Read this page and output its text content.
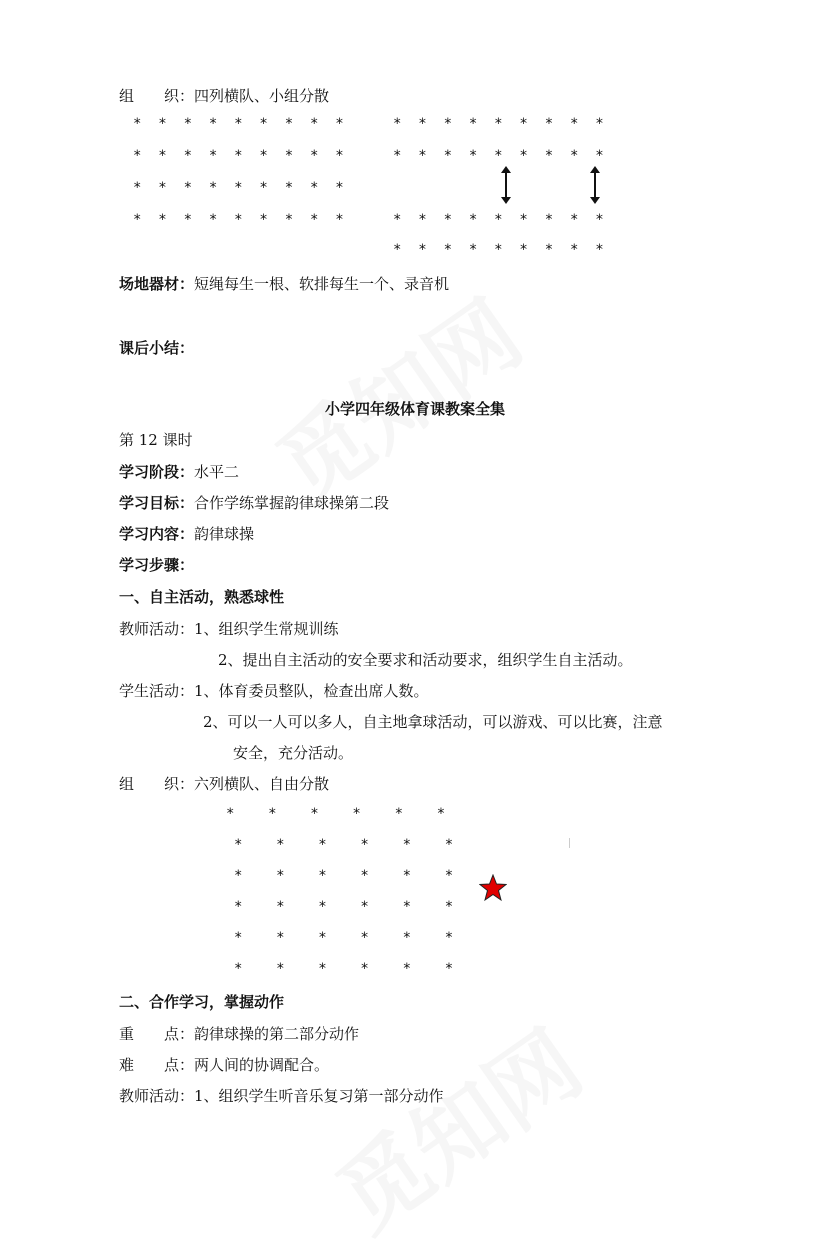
组　　织：四列横队、小组分散
*  *  *  *  *  *  *  *  *
*  *  *  *  *  *  *  *  *
*  *  *  *  *  *  *  *  *
*  *  *  *  *  *  *  *  *
*  *  *  *  *  *  *  *  *
*  *  *  *  *  *  *  *  *
*  *  *  *  *  *  *  *  *
*  *  *  *  *  *  *  *  *
场地器材：短绳每生一根、软排每生一个、录音机
课后小结：
小学四年级体育课教案全集
第 12 课时
学习阶段：水平二
学习目标：合作学练掌握韵律球操第二段
学习内容：韵律球操
学习步骤：
一、自主活动，熟悉球性
教师活动：1、组织学生常规训练
2、提出自主活动的安全要求和活动要求，组织学生自主活动。
学生活动：1、体育委员整队，检查出席人数。
2、可以一人可以多人，自主地拿球活动，可以游戏、可以比赛，注意
安全，充分活动。
组　　织：六列横队、自由分散
*    *    *    *    *    *
*    *    *    *    *    *
*    *    *    *    *    *
*    *    *    *    *    *
*    *    *    *    *    *
*    *    *    *    *    *
二、合作学习，掌握动作
重　　点：韵律球操的第二部分动作
难　　点：两人间的协调配合。
教师活动：1、组织学生听音乐复习第一部分动作
